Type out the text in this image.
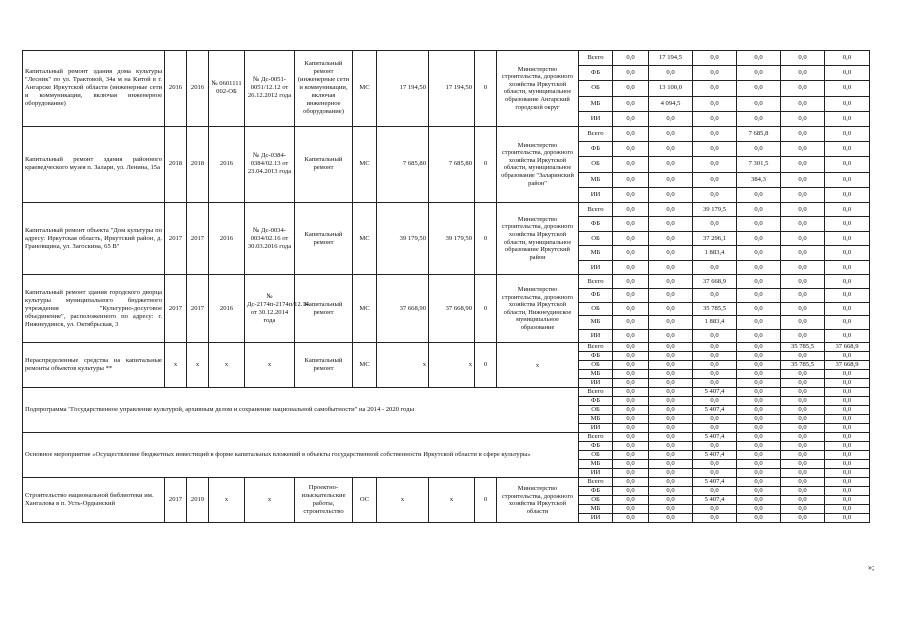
Капитальный ремонт здания дома культуры "Лесник" по ул. Трактовой, 34а м на Китой в г. Ангарске Иркутской области (инженерные сети и коммуникации, включая инженерное оборудование)	2016	2016	№ 0601111 002-ОБ	№ Дс-0051-0051/12.12 от 26.12.2012 года	Капитальный ремонт (инженерные сети и коммуникации, включая инженерное оборудование)	МС	17 194,50	17 194,50	0	Министерство строительства, дорожного хозяйства Иркутской области, муниципальное образование Ангарский городской округ	Всего	0,0	17 194,5	0,0	0,0	0,0	0,0
											ФБ	0,0	0,0	0,0	0,0	0,0	0,0
											ОБ	0,0	13 100,0	0,0	0,0	0,0	0,0
											МБ	0,0	4 094,5	0,0	0,0	0,0	0,0
											ИИ	0,0	0,0	0,0	0,0	0,0	0,0
Капитальный ремонт здания районного краеведческого музея п. Залари, ул. Ленина, 15а	2018	2018	2016	№ Дс-0384-0384/02.13 от 23.04.2013 года	Капитальный ремонт	МС	7 685,80	7 685,80	0	Министерство строительства, дорожного хозяйства Иркутской области, муниципальное образование "Заларинский район"	Всего	0,0	0,0	0,0	7 685,8	0,0	0,0
											ФБ	0,0	0,0	0,0	0,0	0,0	0,0
											ОБ	0,0	0,0	0,0	7 301,5	0,0	0,0
											МБ	0,0	0,0	0,0	384,3	0,0	0,0
											ИИ	0,0	0,0	0,0	0,0	0,0	0,0
Капитальный ремонт объекта "Дом культуры по адресу: Иркутская область, Иркутский район, д. Грановщина, ул. Загоскина, 65 В"	2017	2017	2016	№ Дс-0034-0034/02.16 от 30.03.2016 года	Капитальный ремонт	МС	39 179,50	39 179,50	0	Министерство строительства, дорожного хозяйства Иркутской области, муниципальное образование Иркутский район	Всего	0,0	0,0	39 179,5	0,0	0,0	0,0
											ФБ	0,0	0,0	0,0	0,0	0,0	0,0
											ОБ	0,0	0,0	37 296,1	0,0	0,0	0,0
											МБ	0,0	0,0	1 883,4	0,0	0,0	0,0
											ИИ	0,0	0,0	0,0	0,0	0,0	0,0
Капитальный ремонт здания городского дворца культуры муниципального бюджетного учреждения "Культурно-досуговое объединение", расположенного по адресу: г. Нижнеудинск, ул. Октябрьская, 3	2017	2017	2016	№ Дс-2174п-2174п/12.14 от 30.12.2014 года	Капитальный ремонт	МС	37 668,90	37 668,90	0	Министерство строительства, дорожного хозяйства Иркутской области, Нижнеудинское муниципальное образование	Всего	0,0	0,0	37 668,9	0,0	0,0	0,0
											ФБ	0,0	0,0	0,0	0,0	0,0	0,0
											ОБ	0,0	0,0	35 785,5	0,0	0,0	0,0
											МБ	0,0	0,0	1 883,4	0,0	0,0	0,0
											ИИ	0,0	0,0	0,0	0,0	0,0	0,0
Нераспределенные средства на капитальные ремонты объектов культуры **	x	x	x	x	Капитальный ремонт	МС	x	x	0	x	Всего	0,0	0,0	0,0	0,0	35 785,5	37 668,9
											ФБ	0,0	0,0	0,0	0,0	0,0	0,0
											ОБ	0,0	0,0	0,0	0,0	35 785,5	37 668,9
											МБ	0,0	0,0	0,0	0,0	0,0	0,0
											ИИ	0,0	0,0	0,0	0,0	0,0	0,0
Подпрограмма "Государственное управление культурой, архивным делом и сохранение национальной самобытности" на 2014 - 2020 годы											Всего	0,0	0,0	5 407,4	0,0	0,0	0,0
											ФБ	0,0	0,0	0,0	0,0	0,0	0,0
											ОБ	0,0	0,0	5 407,4	0,0	0,0	0,0
											МБ	0,0	0,0	0,0	0,0	0,0	0,0
											ИИ	0,0	0,0	0,0	0,0	0,0	0,0
Основное мероприятие «Осуществление бюджетных инвестиций в форме капитальных вложений в объекты государственной собственности Иркутской области в сфере культуры»											Всего	0,0	0,0	5 407,4	0,0	0,0	0,0
											ФБ	0,0	0,0	0,0	0,0	0,0	0,0
											ОБ	0,0	0,0	5 407,4	0,0	0,0	0,0
											МБ	0,0	0,0	0,0	0,0	0,0	0,0
											ИИ	0,0	0,0	0,0	0,0	0,0	0,0
Строительство национальной библиотеки им. Хангалова в п. Усть-Ордынский	2017	2019	x	x	Проектно-изыскательские работы, строительство	ОС	x	x	0	Министерство строительства, дорожного хозяйства Иркутской области	Всего	0,0	0,0	5 407,4	0,0	0,0	0,0
											ФБ	0,0	0,0	0,0	0,0	0,0	0,0
											ОБ	0,0	0,0	5 407,4	0,0	0,0	0,0
											МБ	0,0	0,0	0,0	0,0	0,0	0,0
											ИИ	0,0	0,0	0,0	0,0	0,0	0,0
»;
